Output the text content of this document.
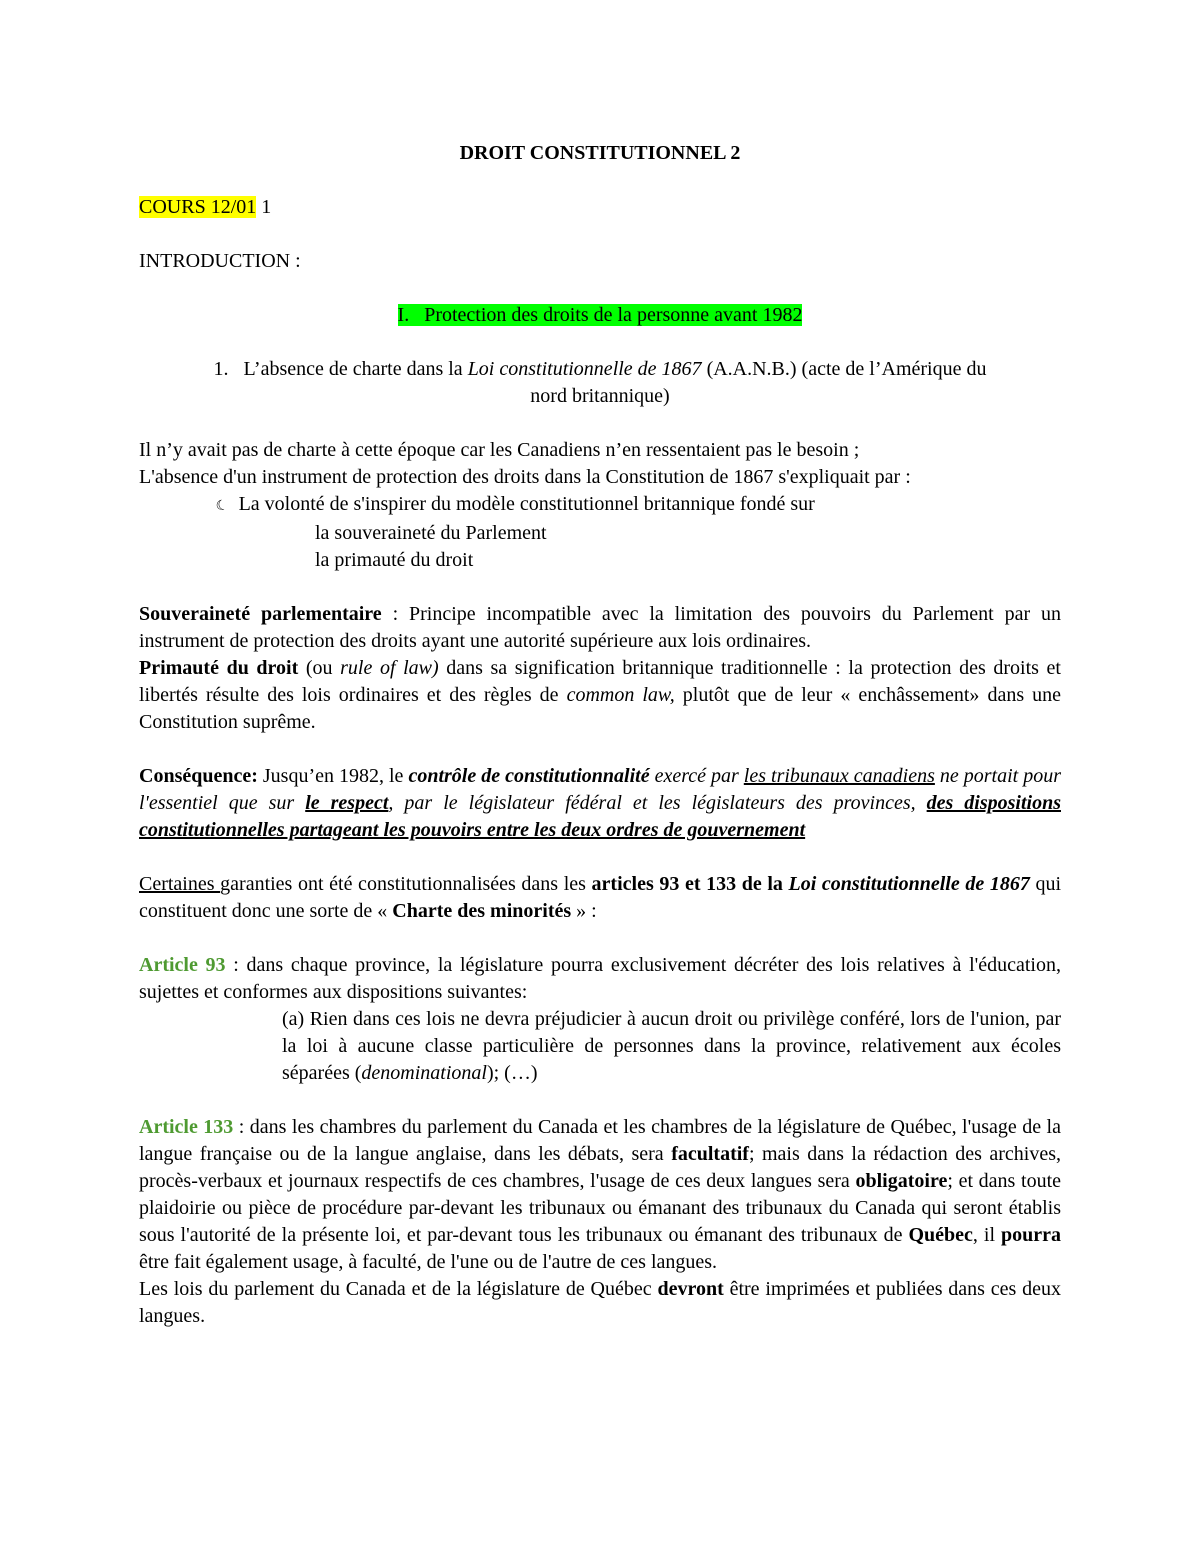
DROIT CONSTITUTIONNEL 2

COURS 12/01 1

INTRODUCTION :

I. Protection des droits de la personne avant 1982

1. L’absence de charte dans la Loi constitutionnelle de 1867 (A.A.N.B.) (acte de l’Amérique du

nord britannique)

Il n’y avait pas de charte à cette époque car les Canadiens n’en ressentaient pas le besoin ;

L'absence d'un instrument de protection des droits dans la Constitution de 1867 s'expliquait par :

☾ La volonté de s'inspirer du modèle constitutionnel britannique fondé sur

la souveraineté du Parlement

la primauté du droit

Souveraineté parlementaire : Principe incompatible avec la limitation des pouvoirs du Parlement par un instrument de protection des droits ayant une autorité supérieure aux lois ordinaires.

Primauté du droit (ou rule of law) dans sa signification britannique traditionnelle : la protection des droits et libertés résulte des lois ordinaires et des règles de common law, plutôt que de leur « enchâssement» dans une Constitution suprême.

Conséquence: Jusqu’en 1982, le contrôle de constitutionnalité exercé par les tribunaux canadiens ne portait pour l'essentiel que sur le respect, par le législateur fédéral et les législateurs des provinces, des dispositions constitutionnelles partageant les pouvoirs entre les deux ordres de gouvernement

Certaines garanties ont été constitutionnalisées dans les articles 93 et 133 de la Loi constitutionnelle de 1867 qui constituent donc une sorte de « Charte des minorités » :

Article 93 : dans chaque province, la législature pourra exclusivement décréter des lois relatives à l'éducation, sujettes et conformes aux dispositions suivantes:

(a) Rien dans ces lois ne devra préjudicier à aucun droit ou privilège conféré, lors de l'union, par la loi à aucune classe particulière de personnes dans la province, relativement aux écoles séparées (denominational); (…)

Article 133 : dans les chambres du parlement du Canada et les chambres de la législature de Québec, l'usage de la langue française ou de la langue anglaise, dans les débats, sera facultatif; mais dans la rédaction des archives, procès-verbaux et journaux respectifs de ces chambres, l'usage de ces deux langues sera obligatoire; et dans toute plaidoirie ou pièce de procédure par-devant les tribunaux ou émanant des tribunaux du Canada qui seront établis sous l'autorité de la présente loi, et par-devant tous les tribunaux ou émanant des tribunaux de Québec, il pourra être fait également usage, à faculté, de l'une ou de l'autre de ces langues.

Les lois du parlement du Canada et de la législature de Québec devront être imprimées et publiées dans ces deux langues.
